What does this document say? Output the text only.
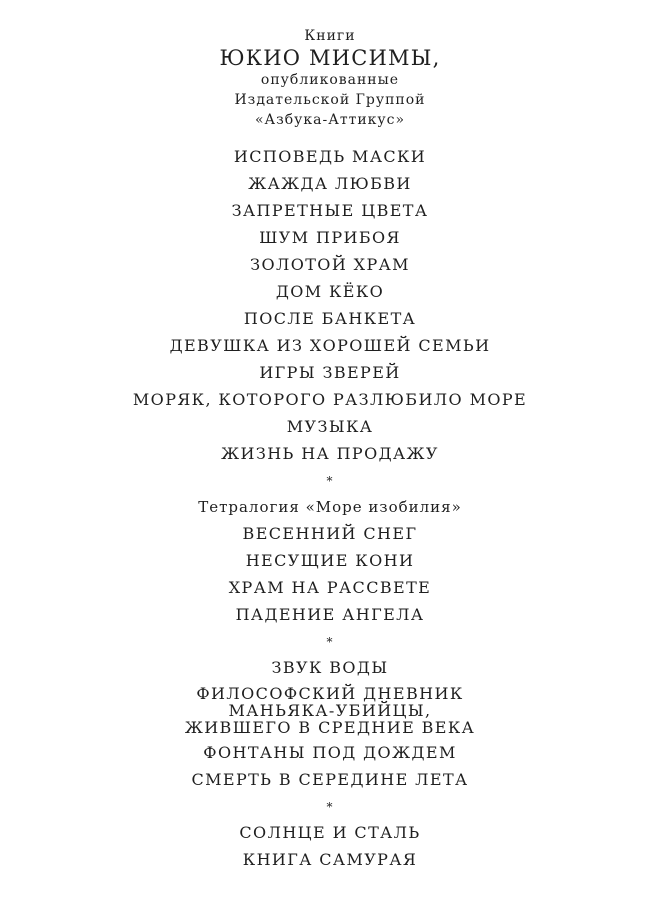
Книги
ЮКИО МИСИМЫ,
опубликованные
Издательской Группой
«Азбука-Аттикус»
ИСПОВЕДЬ МАСКИ
ЖАЖДА ЛЮБВИ
ЗАПРЕТНЫЕ ЦВЕТА
ШУМ ПРИБОЯ
ЗОЛОТОЙ ХРАМ
ДОМ КЁКО
ПОСЛЕ БАНКЕТА
ДЕВУШКА ИЗ ХОРОШЕЙ СЕМЬИ
ИГРЫ ЗВЕРЕЙ
МОРЯК, КОТОРОГО РАЗЛЮБИЛО МОРЕ
МУЗЫКА
ЖИЗНЬ НА ПРОДАЖУ
*
Тетралогия «Море изобилия»
ВЕСЕННИЙ СНЕГ
НЕСУЩИЕ КОНИ
ХРАМ НА РАССВЕТЕ
ПАДЕНИЕ АНГЕЛА
*
ЗВУК ВОДЫ
ФИЛОСОФСКИЙ ДНЕВНИК
МАНЬЯКА-УБИЙЦЫ,
ЖИВШЕГО В СРЕДНИЕ ВЕКА
ФОНТАНЫ ПОД ДОЖДЕМ
СМЕРТЬ В СЕРЕДИНЕ ЛЕТА
*
СОЛНЦЕ И СТАЛЬ
КНИГА САМУРАЯ
